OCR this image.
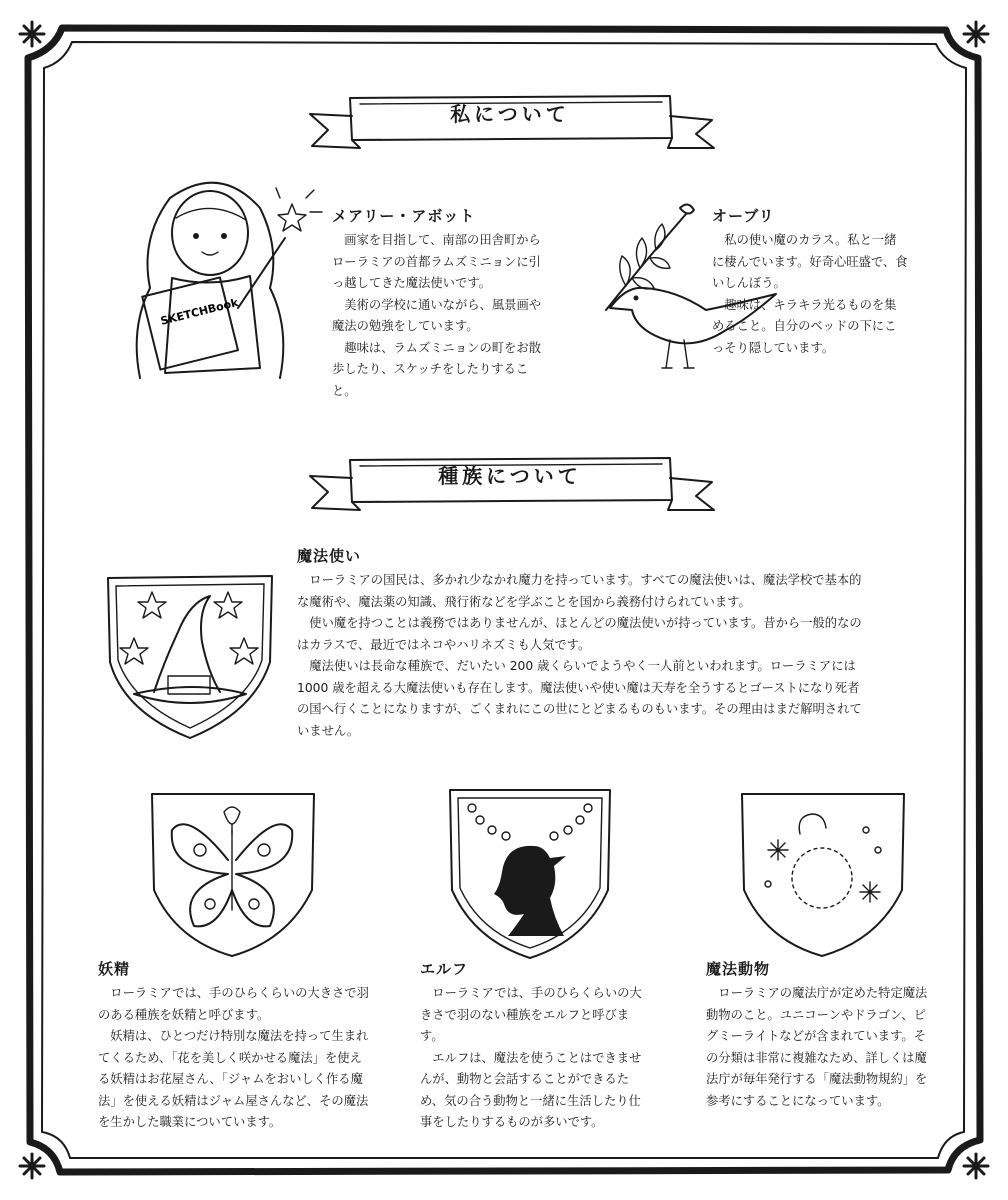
私について
SKETCHBook
メアリー・アボット

画家を目指して、南部の田舎町からローラミアの首都ラムズミニョンに引っ越してきた魔法使いです。

美術の学校に通いながら、風景画や魔法の勉強をしています。

趣味は、ラムズミニョンの町をお散歩したり、スケッチをしたりすること。

オーブリ

私の使い魔のカラス。私と一緒に棲んでいます。好奇心旺盛で、食いしんぼう。

趣味は、キラキラ光るものを集めること。自分のベッドの下にこっそり隠しています。

種族について
魔法使い

ローラミアの国民は、多かれ少なかれ魔力を持っています。すべての魔法使いは、魔法学校で基本的な魔術や、魔法薬の知識、飛行術などを学ぶことを国から義務付けられています。

使い魔を持つことは義務ではありませんが、ほとんどの魔法使いが持っています。昔から一般的なのはカラスで、最近ではネコやハリネズミも人気です。

魔法使いは長命な種族で、だいたい 200 歳くらいでようやく一人前といわれます。ローラミアには 1000 歳を超える大魔法使いも存在します。魔法使いや使い魔は天寿を全うするとゴーストになり死者の国へ行くことになりますが、ごくまれにこの世にとどまるものもいます。その理由はまだ解明されていません。

妖精

ローラミアでは、手のひらくらいの大きさで羽のある種族を妖精と呼びます。

妖精は、ひとつだけ特別な魔法を持って生まれてくるため、「花を美しく咲かせる魔法」を使える妖精はお花屋さん、「ジャムをおいしく作る魔法」を使える妖精はジャム屋さんなど、その魔法を生かした職業についています。

エルフ

ローラミアでは、手のひらくらいの大きさで羽のない種族をエルフと呼びます。

エルフは、魔法を使うことはできませんが、動物と会話することができるため、気の合う動物と一緒に生活したり仕事をしたりするものが多いです。

魔法動物

ローラミアの魔法庁が定めた特定魔法動物のこと。ユニコーンやドラゴン、ピグミーライトなどが含まれています。その分類は非常に複雑なため、詳しくは魔法庁が毎年発行する「魔法動物規約」を参考にすることになっています。
